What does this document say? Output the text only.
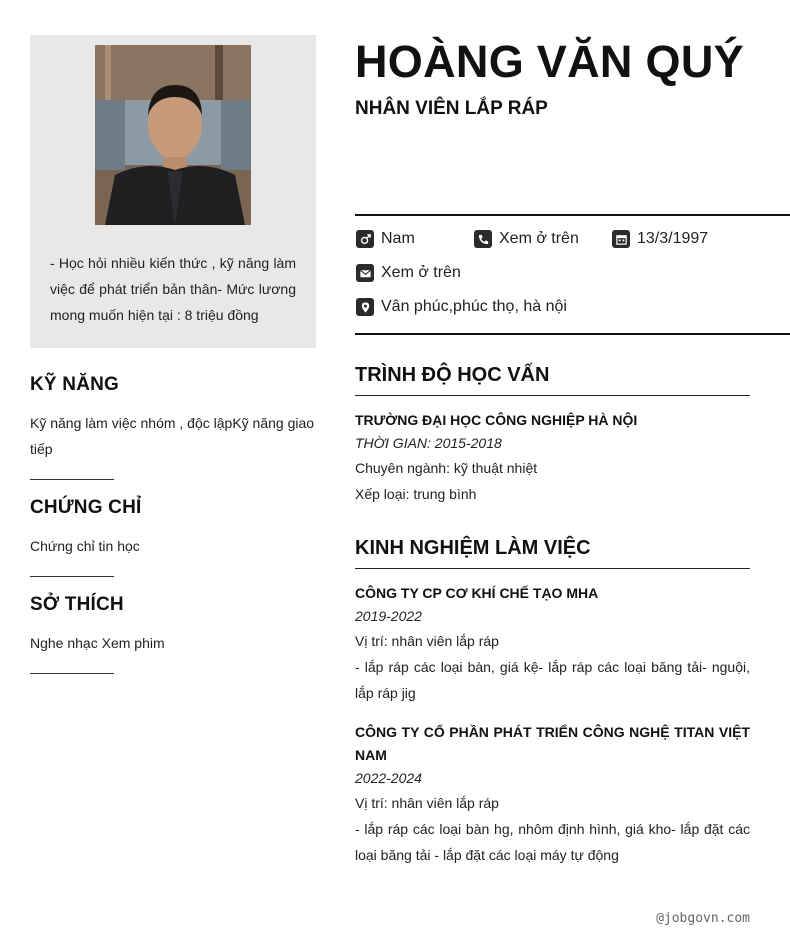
- Học hỏi nhiều kiến thức , kỹ năng làm việc để phát triển bản thân- Mức lương mong muốn hiện tại : 8 triệu đồng
KỸ NĂNG
Kỹ năng làm việc nhóm , độc lậpKỹ năng giao tiếp
CHỨNG CHỈ
Chứng chỉ tin học
SỞ THÍCH
Nghe nhạc Xem phim
HOÀNG VĂN QUÝ
NHÂN VIÊN LẮP RÁP
Nam	Xem ở trên	13/3/1997
Xem ở trên
Vân phúc,phúc thọ, hà nội
TRÌNH ĐỘ HỌC VẤN
TRƯỜNG ĐẠI HỌC CÔNG NGHIỆP HÀ NỘI
THỜI GIAN: 2015-2018
Chuyên ngành: kỹ thuật nhiệt
Xếp loại: trung bình
KINH NGHIỆM LÀM VIỆC
CÔNG TY CP CƠ KHÍ CHẾ TẠO MHA
2019-2022
Vị trí: nhân viên lắp ráp
- lắp ráp các loại bàn, giá kệ- lắp ráp các loại băng tải- nguội, lắp ráp jig
CÔNG TY CỔ PHẦN PHÁT TRIỂN CÔNG NGHỆ TITAN VIỆT NAM
2022-2024
Vị trí: nhân viên lắp ráp
- lắp ráp các loại bàn hg, nhôm định hình, giá kho- lắp đặt các loại băng tải - lắp đặt các loại máy tự động
@jobgovn.com
